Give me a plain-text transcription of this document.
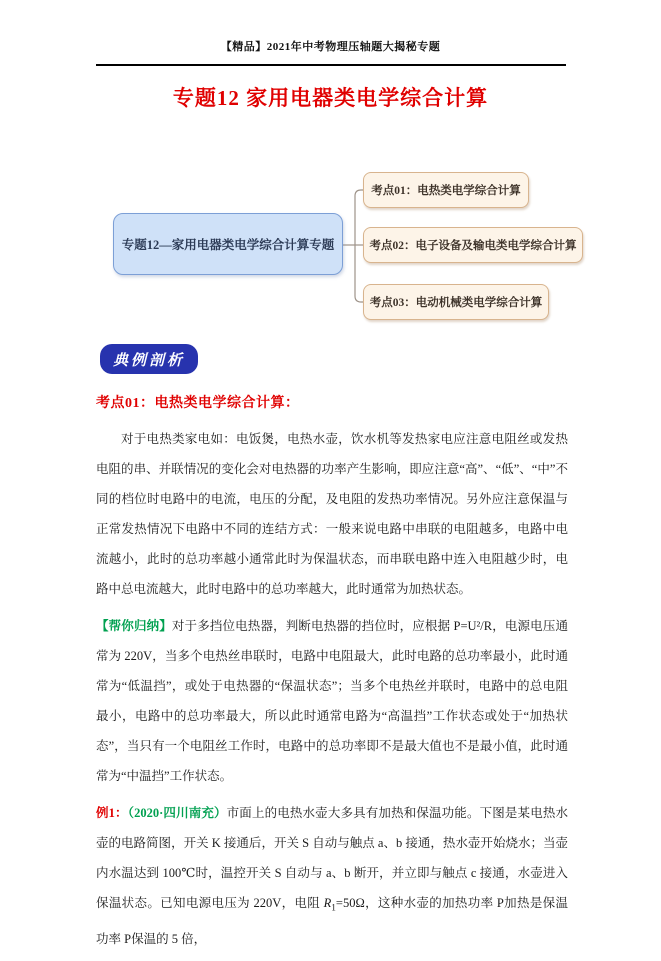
【精品】2021年中考物理压轴题大揭秘专题
专题12 家用电器类电学综合计算
专题12—家用电器类电学综合计算专题
考点01：电热类电学综合计算
考点02：电子设备及输电类电学综合计算
考点03：电动机械类电学综合计算
典例剖析
考点01：电热类电学综合计算：

对于电热类家电如：电饭煲，电热水壶，饮水机等发热家电应注意电阻丝或发热电阻的串、并联情况的变化会对电热器的功率产生影响，即应注意“高”、“低”、“中”不同的档位时电路中的电流，电压的分配，及电阻的发热功率情况。另外应注意保温与正常发热情况下电路中不同的连结方式：一般来说电路中串联的电阻越多，电路中电流越小，此时的总功率越小通常此时为保温状态，而串联电路中连入电阻越少时，电路中总电流越大，此时电路中的总功率越大，此时通常为加热状态。

【帮你归纳】对于多挡位电热器，判断电热器的挡位时，应根据 P=U²/R，电源电压通常为 220V，当多个电热丝串联时，电路中电阻最大，此时电路的总功率最小，此时通常为“低温挡”，或处于电热器的“保温状态”；当多个电热丝并联时，电路中的总电阻最小，电路中的总功率最大，所以此时通常电路为“高温挡”工作状态或处于“加热状态”，当只有一个电阻丝工作时，电路中的总功率即不是最大值也不是最小值，此时通常为“中温挡”工作状态。

例1：（2020·四川南充）市面上的电热水壶大多具有加热和保温功能。下图是某电热水壶的电路简图，开关 K 接通后，开关 S 自动与触点 a、b 接通，热水壶开始烧水；当壶内水温达到 100℃时，温控开关 S 自动与 a、b 断开，并立即与触点 c 接通，水壶进入保温状态。已知电源电压为 220V，电阻 $R_1=50\Omega$，这种水壶的加热功率 P加热是保温功率 P保温的 5 倍，
